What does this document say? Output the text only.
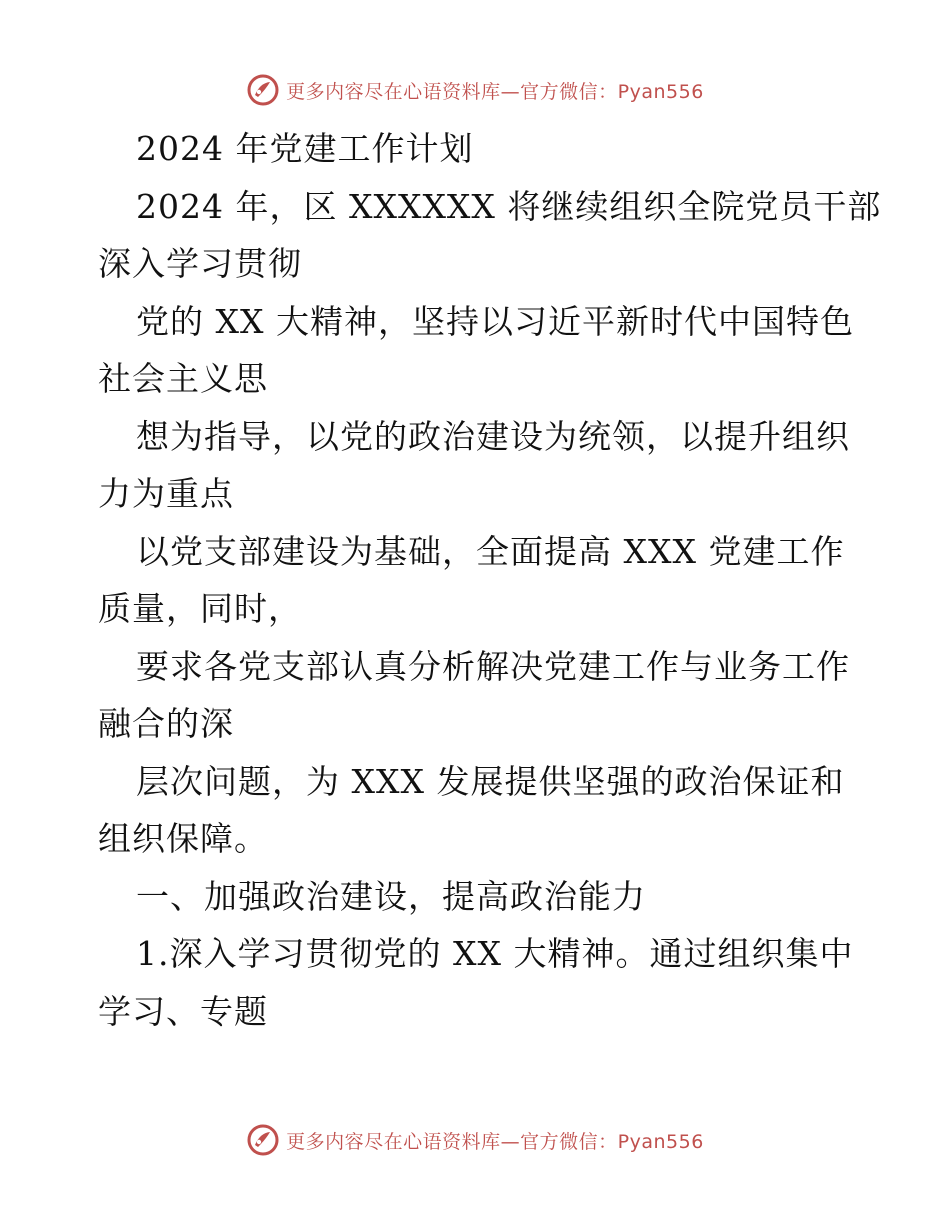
更多内容尽在心语资料库—官方微信：Pyan556
2024 年党建工作计划
2024 年，区 XXXXXX 将继续组织全院党员干部
深入学习贯彻
党的 XX 大精神，坚持以习近平新时代中国特色
社会主义思
想为指导，以党的政治建设为统领，以提升组织
力为重点
以党支部建设为基础，全面提高 XXX 党建工作
质量，同时，
要求各党支部认真分析解决党建工作与业务工作
融合的深
层次问题，为 XXX 发展提供坚强的政治保证和
组织保障。
一、加强政治建设，提高政治能力
1.深入学习贯彻党的 XX 大精神。通过组织集中
学习、专题
更多内容尽在心语资料库—官方微信：Pyan556
